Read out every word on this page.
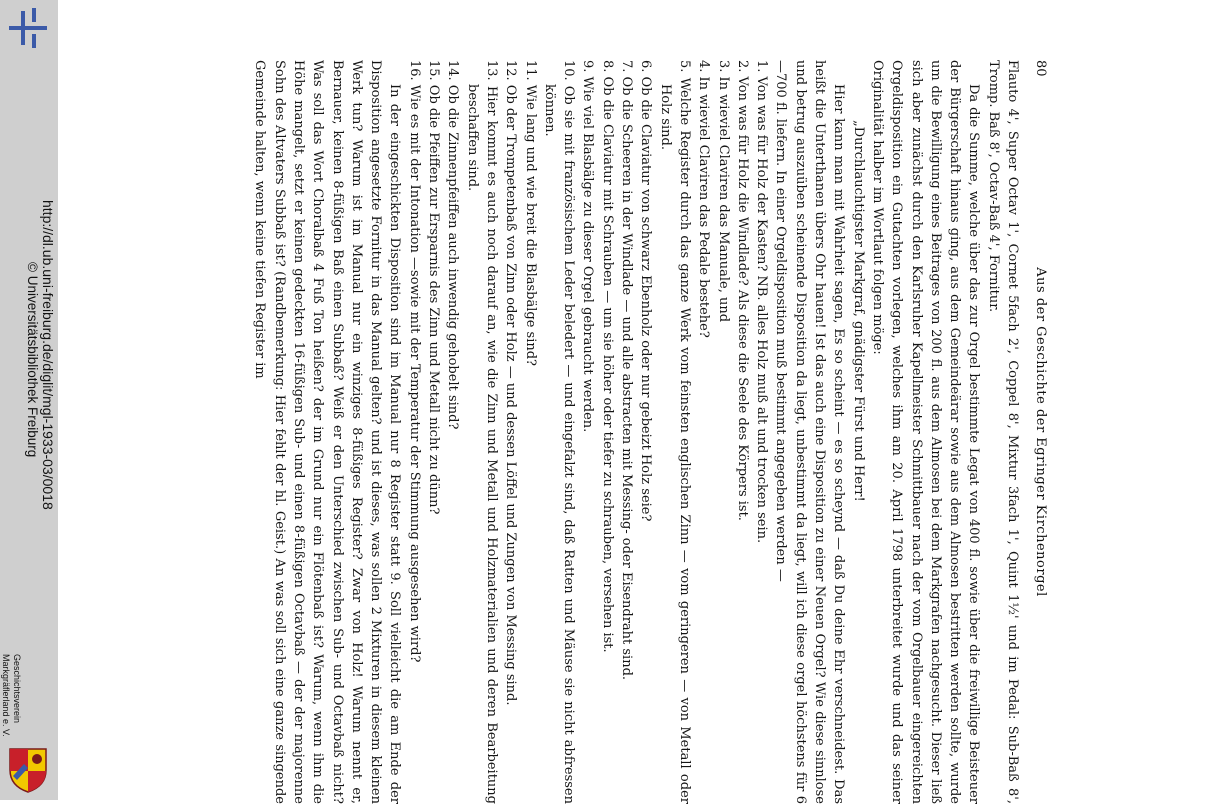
http://dl.ub.uni-freiburg.de/diglit/mgl-1933-03/0018
© Universitätsbibliothek Freiburg
Geschichtsverein
Markgräflerland e. V.
80
Aus der Geschichte der Egringer Kirchenorgel

Flauto 4', Super Octav 1', Cornet 5fach 2', Coppel 8', Mixtur 3fach 1', Quint 1½' und im Pedal: Sub-Baß 8', Tromp. Baß 8', Octav-Baß 4', Fornitur.

Da die Summe, welche über das zur Orgel bestimmte Legat von 400 fl. sowie über die freiwillige Beisteuer der Bürgerschaft hinaus ging, aus dem Gemeindeärar sowie aus dem Almosen bestritten werden sollte, wurde um die Bewilligung eines Beitrages von 200 fl. aus dem Almosen bei dem Markgrafen nachgesucht. Dieser ließ sich aber zunächst durch den Karlsruher Kapellmeister Schmittbauer nach der vom Orgelbauer eingereichten Orgeldisposition ein Gutachten vorlegen, welches ihm am 20. April 1798 unterbreitet wurde und das seiner Originalität halber im Wortlaut folgen möge:

„Durchlauchtigster Markgraf, gnädigster Fürst und Herr!

Hier kann man mit Wahrheit sagen, Es so scheint — es so scheynd — daß Du deine Ehr verschneidest. Das heißt die Unterthanen übers Ohr hauen! Ist das auch eine Disposition zu einer Neuen Orgel? Wie diese sinnlose und betrug auszuüben scheinende Disposition da liegt, unbestimmt da liegt, will ich diese orgel höchstens für 6—700 fl. liefern. In einer Orgeldisposition muß bestimmt angegeben werden —

1. Von was für Holz der Kasten? NB. alles Holz muß alt und trocken sein.

2. Von was für Holz die Windlade? Als diese die Seele des Körpers ist.

3. In wieviel Claviren das Manuale, und

4. In wieviel Claviren das Pedale bestehe?

5. Welche Register durch das ganze Werk vom feinsten englischen Zinn — vom geringeren — von Metall oder Holz sind.

6. Ob die Claviatur von schwarz Ebenholz oder nur gebeizt Holz seie?

7. Ob die Scheeren in der Windlade — und alle abstracten mit Messing- oder Eisendraht sind.

8. Ob die Claviatur mit Schrauben — um sie höher oder tiefer zu schrauben, versehen ist.

9. Wie viel Blasbälge zu dieser Orgel gebraucht werden.

10. Ob sie mit französischem Leder beledert — und eingefalzt sind, daß Ratten und Mäuse sie nicht abfressen können.

11. Wie lang und wie breit die Blasbälge sind?

12. Ob der Trompetenbaß von Zinn oder Holz — und dessen Löffel und Zungen von Messing sind.

13. Hier kommt es auch noch darauf an, wie die Zinn und Metall und Holzmaterialien und deren Bearbeitung beschaffen sind.

14. Ob die Zinnenpfeiffen auch inwendig gehobelt sind?

15. Ob die Pfeiffen zur Ersparnis des Zinn und Metall nicht zu dünn?

16. Wie es mit der Intonation —sowie mit der Temperatur der Stimmung ausgesehen wird?

In der eingeschickten Disposition sind im Manual nur 8 Register statt 9. Soll vielleicht die am Ende der Disposition angesetzte Fornitur in das Manual gelten? und ist dieses, was sollen 2 Mixturen in diesem kleinen Werk tun? Warum ist im Manual nur ein winziges 8-füßiges Register? Zwar von Holz! Warum nennt er, Bernauer, keinen 8-füßigen Baß einen Subbaß? Weiß er den Unterschied zwischen Sub- und Octavbaß nicht? Was soll das Wort Choralbaß 4 Fuß Ton heißen? der im Grund nur ein Flötenbaß ist? Warum, wenn ihm die Höhe mangelt, setzt er keinen gedeckten 16-füßigen Sub- und einen 8-füßigen Octavbaß — der der majorenne Sohn des Altvaters Subbaß ist? (Randbemerkung: Hier fehlt der hl. Geist.) An was soll sich eine ganze singende Gemeinde halten, wenn keine tiefen Register im
